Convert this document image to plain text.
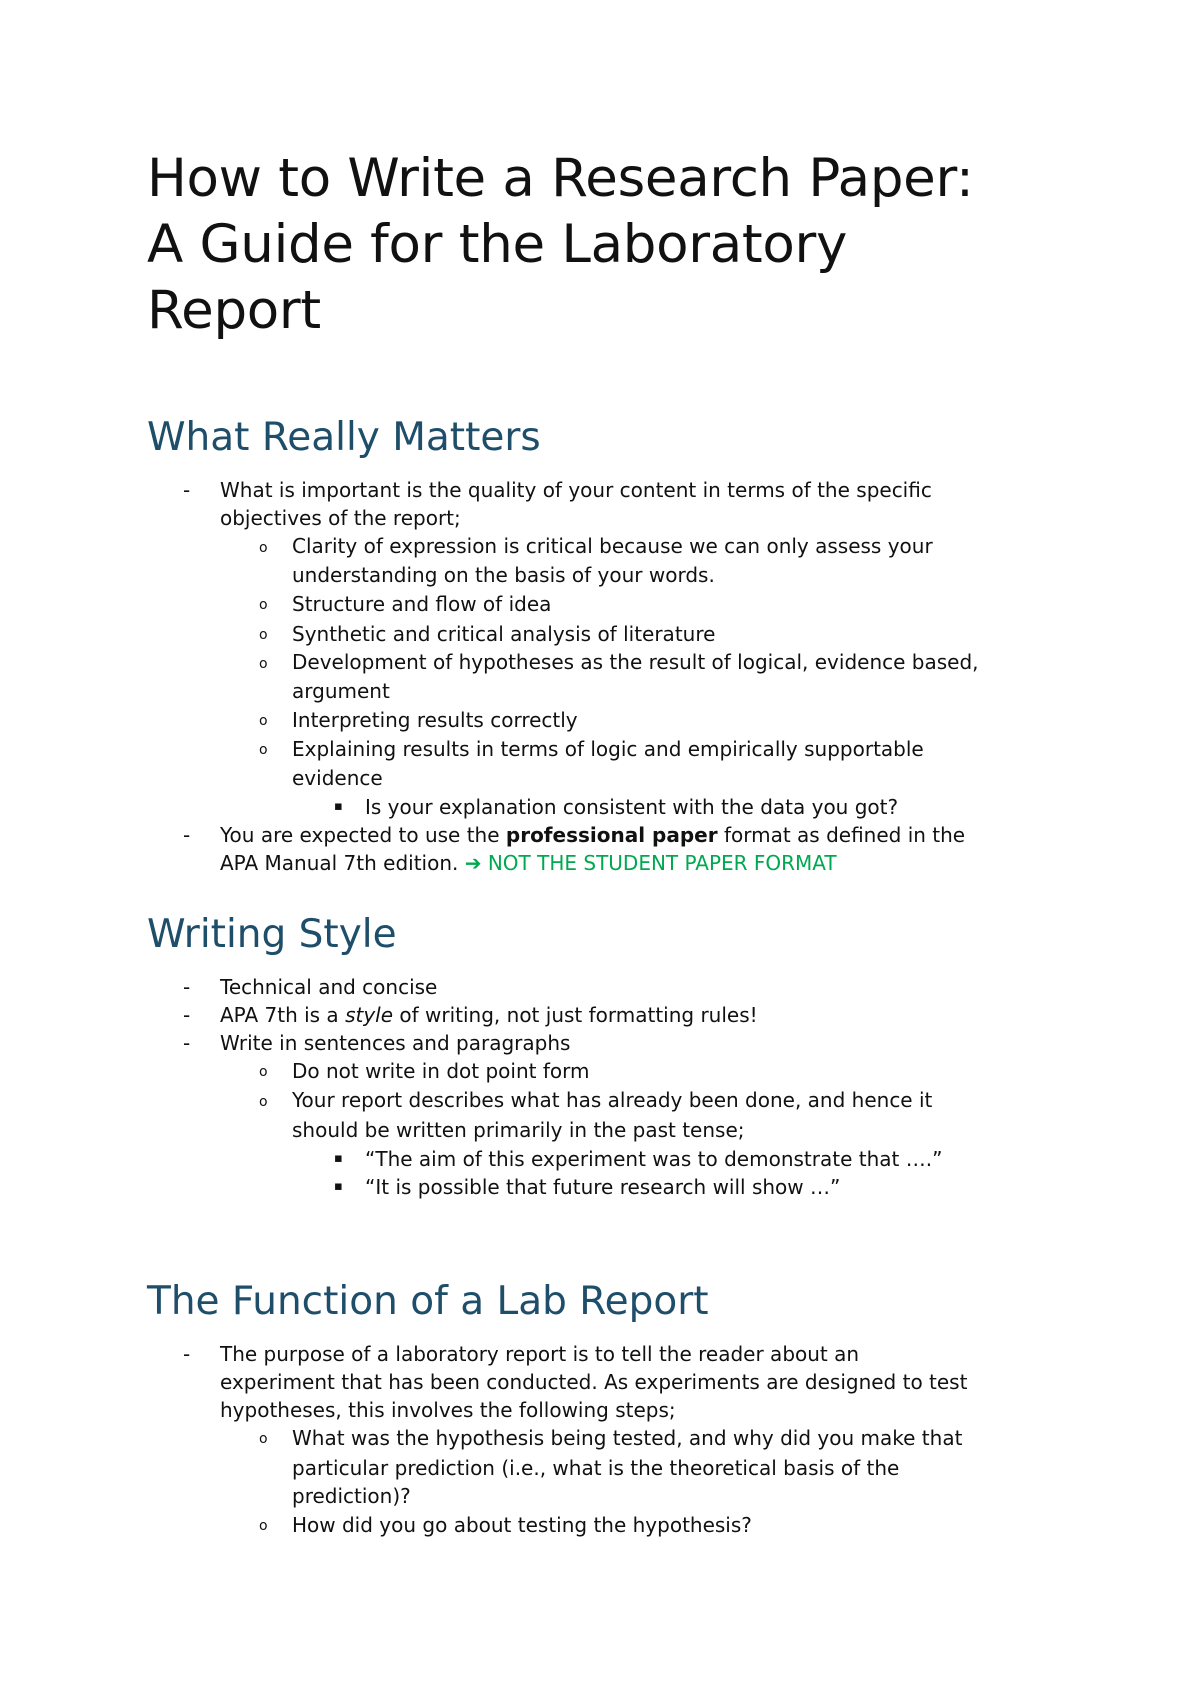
How to Write a Research Paper:
A Guide for the Laboratory
Report
What Really Matters
- What is important is the quality of your content in terms of the specific

objectives of the report;

o Clarity of expression is critical because we can only assess your

understanding on the basis of your words.

o Structure and flow of idea

o Synthetic and critical analysis of literature

o Development of hypotheses as the result of logical, evidence based,

argument

o Interpreting results correctly

o Explaining results in terms of logic and empirically supportable

evidence

▪ Is your explanation consistent with the data you got?

- You are expected to use the professional paper format as defined in the

APA Manual 7th edition. ➔ NOT THE STUDENT PAPER FORMAT

Writing Style
- Technical and concise

- APA 7th is a style of writing, not just formatting rules!

- Write in sentences and paragraphs

o Do not write in dot point form

o Your report describes what has already been done, and hence it

should be written primarily in the past tense;

▪ “The aim of this experiment was to demonstrate that ….”

▪ “It is possible that future research will show …”

The Function of a Lab Report
- The purpose of a laboratory report is to tell the reader about an

experiment that has been conducted. As experiments are designed to test

hypotheses, this involves the following steps;

o What was the hypothesis being tested, and why did you make that

particular prediction (i.e., what is the theoretical basis of the

prediction)?

o How did you go about testing the hypothesis?
